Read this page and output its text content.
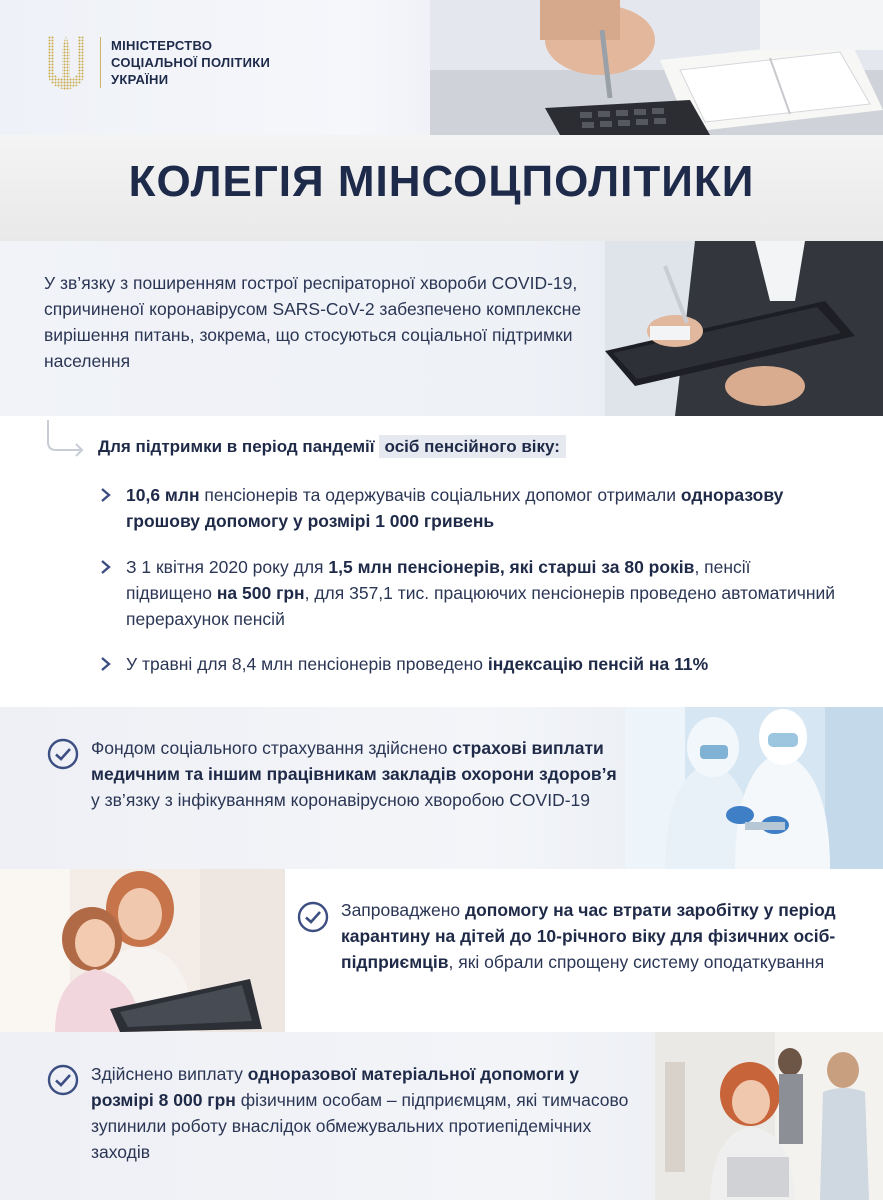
МІНІСТЕРСТВО
СОЦІАЛЬНОЇ ПОЛІТИКИ
УКРАЇНИ
КОЛЕГІЯ МІНСОЦПОЛІТИКИ

У зв’язку з поширенням гострої респіраторної хвороби COVID-19, спричиненої коронавірусом SARS-CoV-2 забезпечено комплексне вирішення питань, зокрема, що стосуються соціальної підтримки населення

Для підтримки в період пандемії осіб пенсійного віку:
10,6 млн пенсіонерів та одержувачів соціальних допомог отримали одноразову грошову допомогу у розмірі 1 000 гривень
З 1 квітня 2020 року для 1,5 млн пенсіонерів, які старші за 80 років, пенсії підвищено на 500 грн, для 357,1 тис. працюючих пенсіонерів проведено автоматичний перерахунок пенсій
У травні для 8,4 млн пенсіонерів проведено індексацію пенсій на 11%

Фондом соціального страхування здійснено страхові виплати медичним та іншим працівникам закладів охорони здоров’я у зв’язку з інфікуванням коронавірусною хворобою COVID-19

Запроваджено допомогу на час втрати заробітку у період карантину на дітей до 10-річного віку для фізичних осіб-підприємців, які обрали спрощену систему оподаткування

Здійснено виплату одноразової матеріальної допомоги у розмірі 8 000 грн фізичним особам – підприємцям, які тимчасово зупинили роботу внаслідок обмежувальних протиепідемічних заходів
